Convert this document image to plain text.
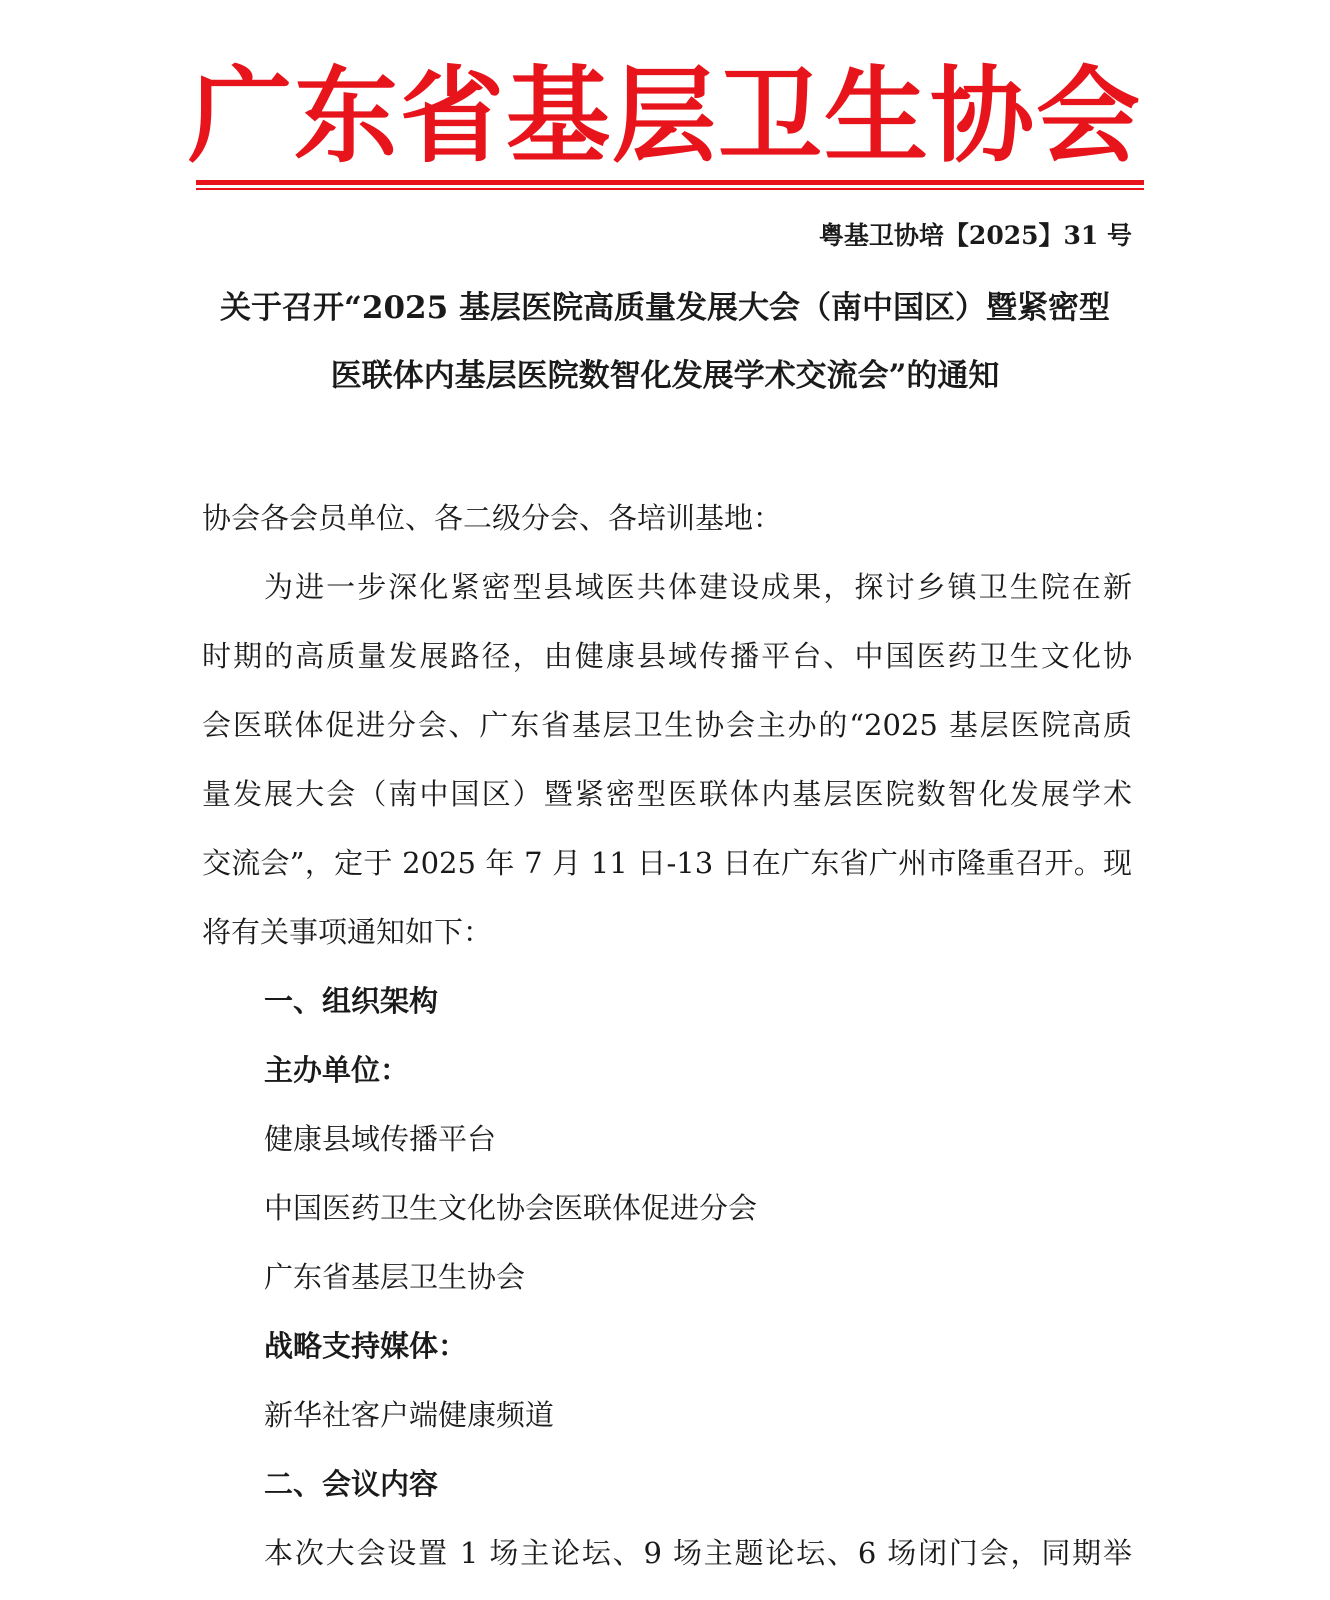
广东省基层卫生协会
粤基卫协培【2025】31 号
关于召开“2025 基层医院高质量发展大会（南中国区）暨紧密型
医联体内基层医院数智化发展学术交流会”的通知
协会各会员单位、各二级分会、各培训基地：
为进一步深化紧密型县域医共体建设成果，探讨乡镇卫生院在新
时期的高质量发展路径，由健康县域传播平台、中国医药卫生文化协
会医联体促进分会、广东省基层卫生协会主办的“2025 基层医院高质
量发展大会（南中国区）暨紧密型医联体内基层医院数智化发展学术
交流会”，定于 2025 年 7 月 11 日-13 日在广东省广州市隆重召开。现
将有关事项通知如下：
一、组织架构
主办单位：
健康县域传播平台
中国医药卫生文化协会医联体促进分会
广东省基层卫生协会
战略支持媒体：
新华社客户端健康频道
二、会议内容
本次大会设置 1 场主论坛、9 场主题论坛、6 场闭门会，同期举
